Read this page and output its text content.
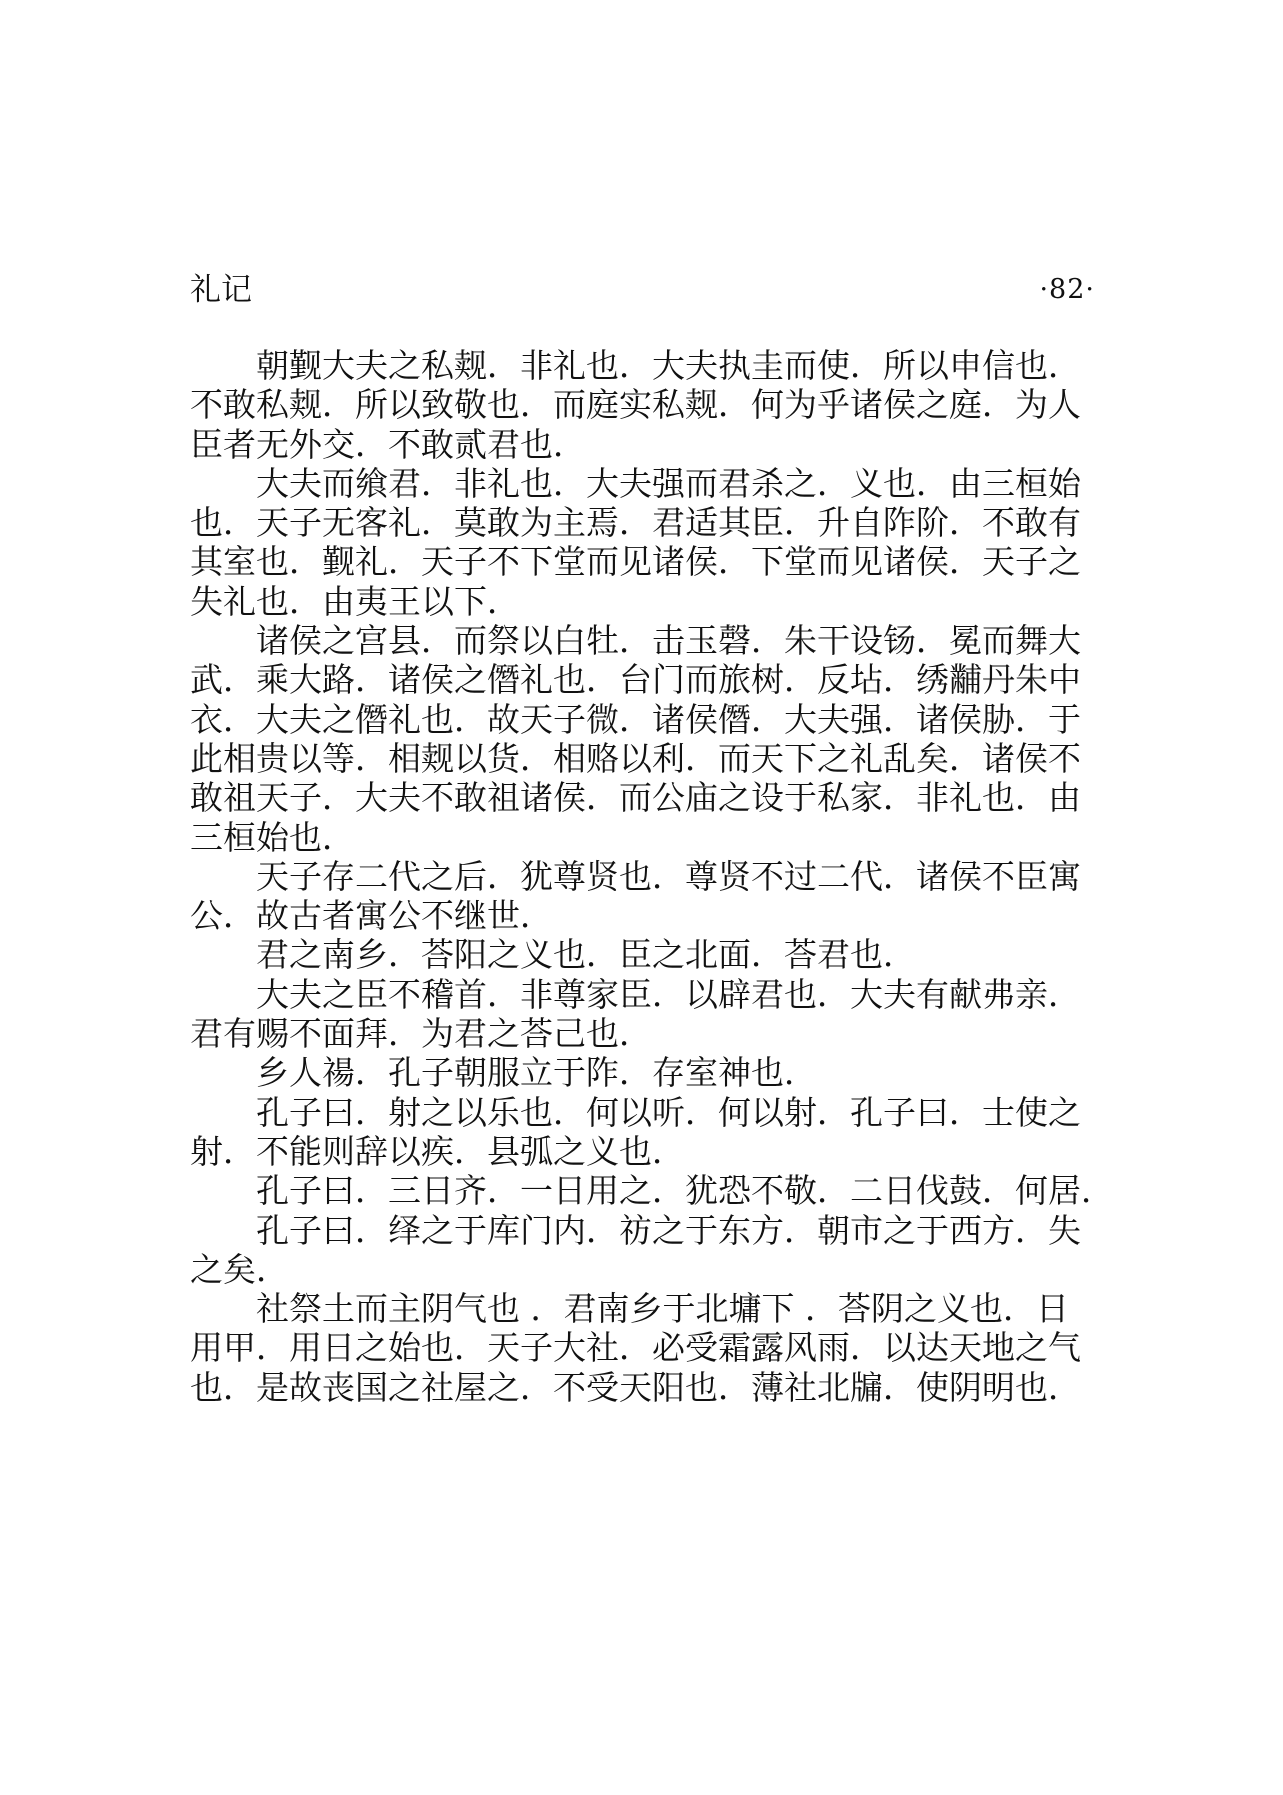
礼记	·82·

朝觐大夫之私觌．非礼也．大夫执圭而使．所以申信也．
不敢私觌．所以致敬也．而庭实私觌．何为乎诸侯之庭．为人
臣者无外交．不敢贰君也．

大夫而飨君．非礼也．大夫强而君杀之．义也．由三桓始
也．天子无客礼．莫敢为主焉．君适其臣．升自阼阶．不敢有
其室也．觐礼．天子不下堂而见诸侯．下堂而见诸侯．天子之
失礼也．由夷王以下．

诸侯之宫县．而祭以白牡．击玉磬．朱干设钖．冕而舞大
武．乘大路．诸侯之僭礼也．台门而旅树．反坫．绣黼丹朱中
衣．大夫之僭礼也．故天子微．诸侯僭．大夫强．诸侯胁．于
此相贵以等．相觌以货．相赂以利．而天下之礼乱矣．诸侯不
敢祖天子．大夫不敢祖诸侯．而公庙之设于私家．非礼也．由
三桓始也．

天子存二代之后．犹尊贤也．尊贤不过二代．诸侯不臣寓
公．故古者寓公不继世．

君之南乡．荅阳之义也．臣之北面．荅君也．

大夫之臣不稽首．非尊家臣．以辟君也．大夫有献弗亲．
君有赐不面拜．为君之荅己也．

乡人禓．孔子朝服立于阼．存室神也．

孔子曰．射之以乐也．何以听．何以射．孔子曰．士使之
射．不能则辞以疾．县弧之义也．

孔子曰．三日齐．一日用之．犹恐不敬．二日伐鼓．何居．

孔子曰．绎之于库门内．祊之于东方．朝市之于西方．失
之矣．

社祭土而主阴气也 ．君南乡于北墉下 ．荅阴之义也．日
用甲．用日之始也．天子大社．必受霜露风雨．以达天地之气
也．是故丧国之社屋之．不受天阳也．薄社北牖．使阴明也．
